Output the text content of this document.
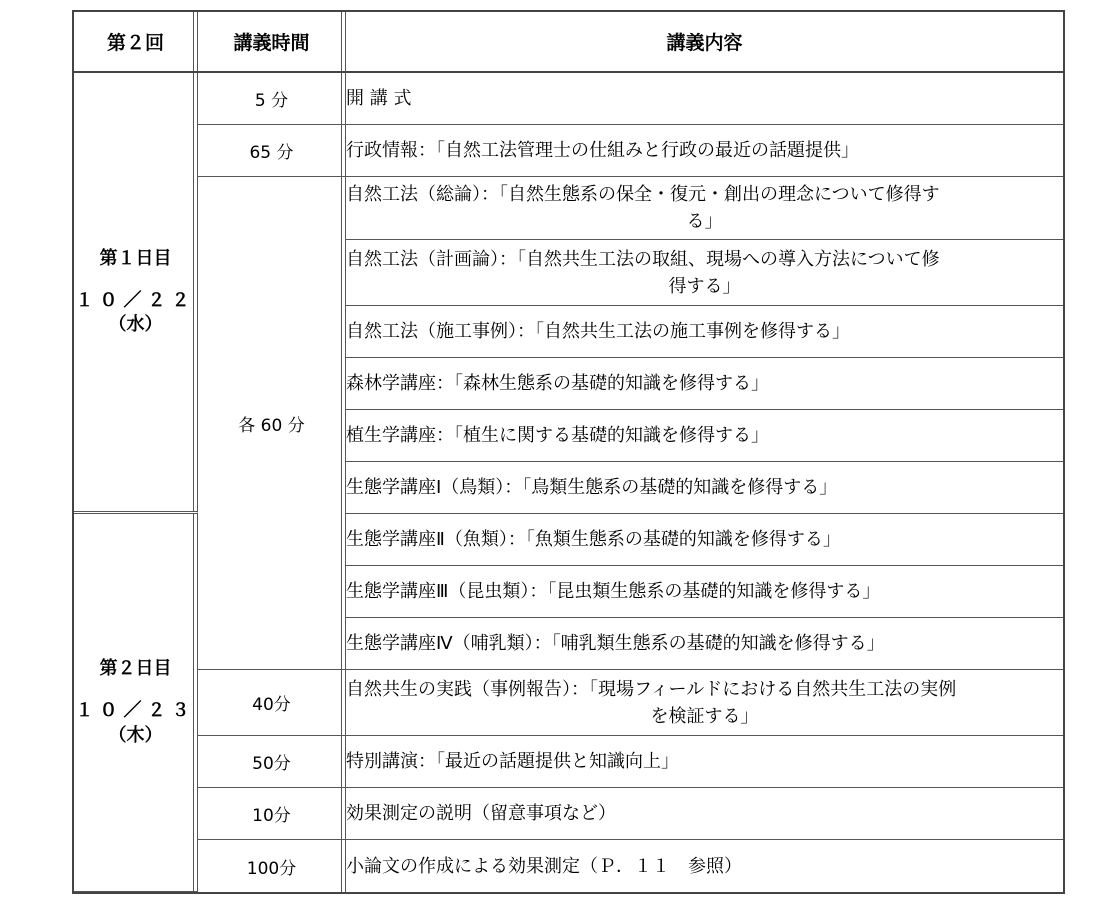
第２回	講義時間	講義内容

第１日目
１０／２２
（水）	5 分	開 講 式
	65 分	行政情報：「自然工法管理士の仕組みと行政の最近の話題提供」
	各 60 分	自然工法（総論）：「自然生態系の保全・復元・創出の理念について修得す
る」

		自然工法（計画論）：「自然共生工法の取組、現場への導入方法について修
得する」

		自然工法（施工事例）：「自然共生工法の施工事例を修得する」
		森林学講座：「森林生態系の基礎的知識を修得する」
		植生学講座：「植生に関する基礎的知識を修得する」
		生態学講座Ⅰ（鳥類）：「鳥類生態系の基礎的知識を修得する」

第２日目
１０／２３
（木）		生態学講座Ⅱ（魚類）：「魚類生態系の基礎的知識を修得する」
		生態学講座Ⅲ（昆虫類）：「昆虫類生態系の基礎的知識を修得する」
		生態学講座Ⅳ（哺乳類）：「哺乳類生態系の基礎的知識を修得する」
	40分	自然共生の実践（事例報告）：「現場フィールドにおける自然共生工法の実例
を検証する」

	50分	特別講演：「最近の話題提供と知識向上」
	10分	効果測定の説明（留意事項など）
	100分	小論文の作成による効果測定（Ｐ．１１　参照）
